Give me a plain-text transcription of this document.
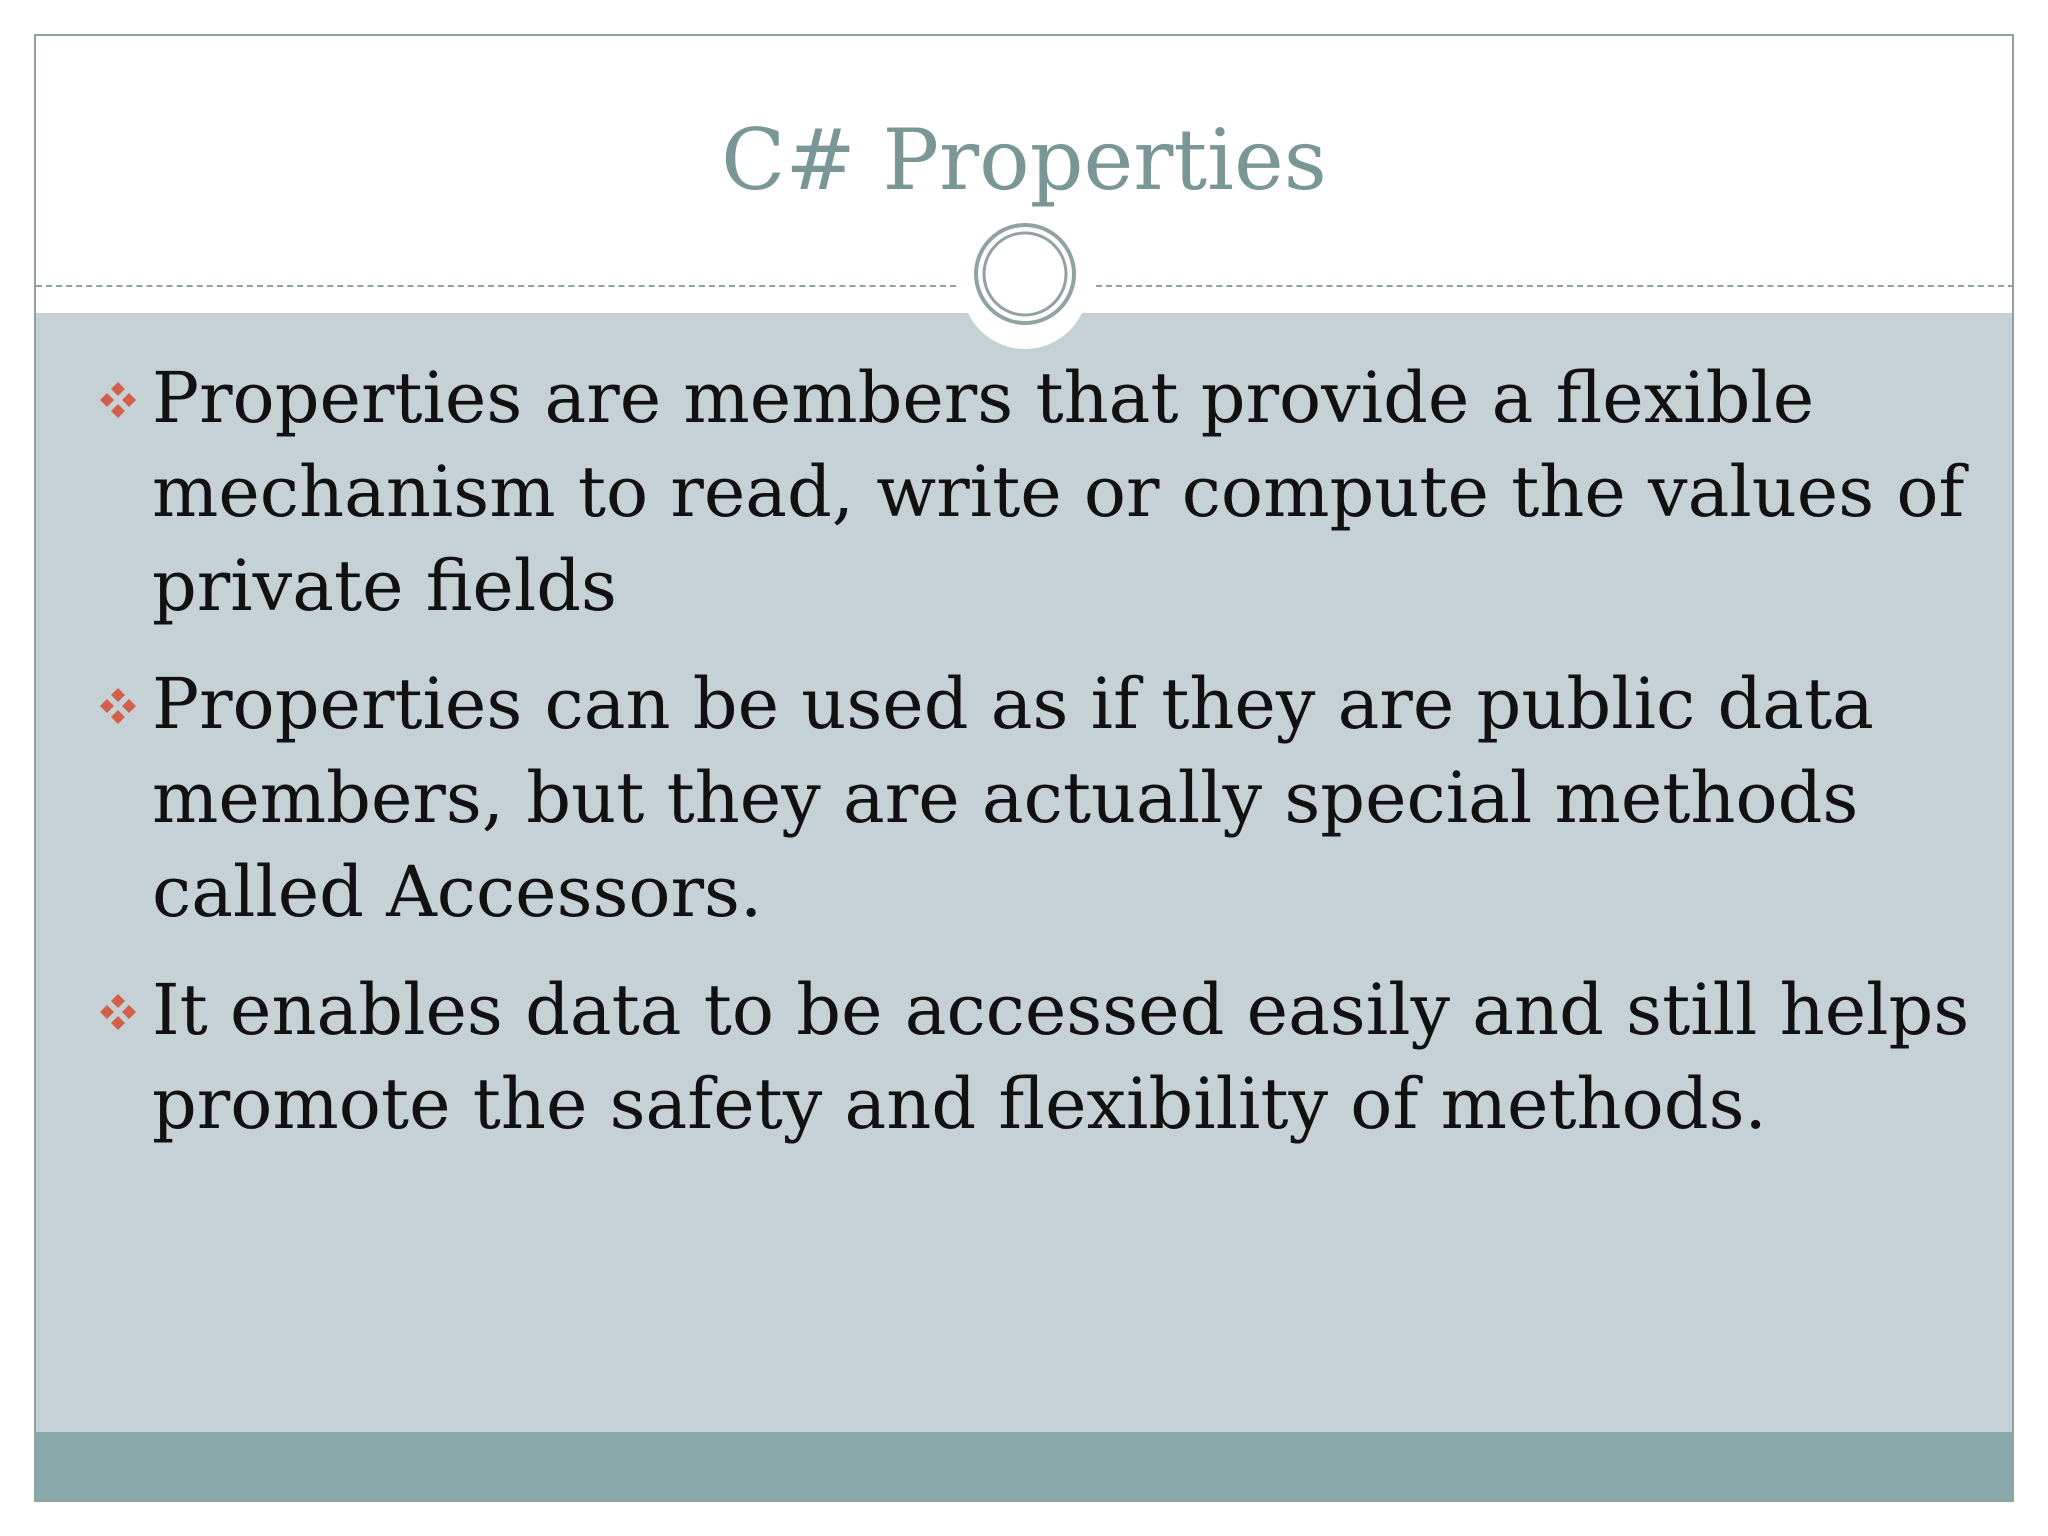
C# Properties
Properties are members that provide a flexible mechanism to read, write or compute the values of private fields
Properties can be used as if they are public data members, but they are actually special methods called Accessors.
It enables data to be accessed easily and still helps promote the safety and flexibility of methods.
